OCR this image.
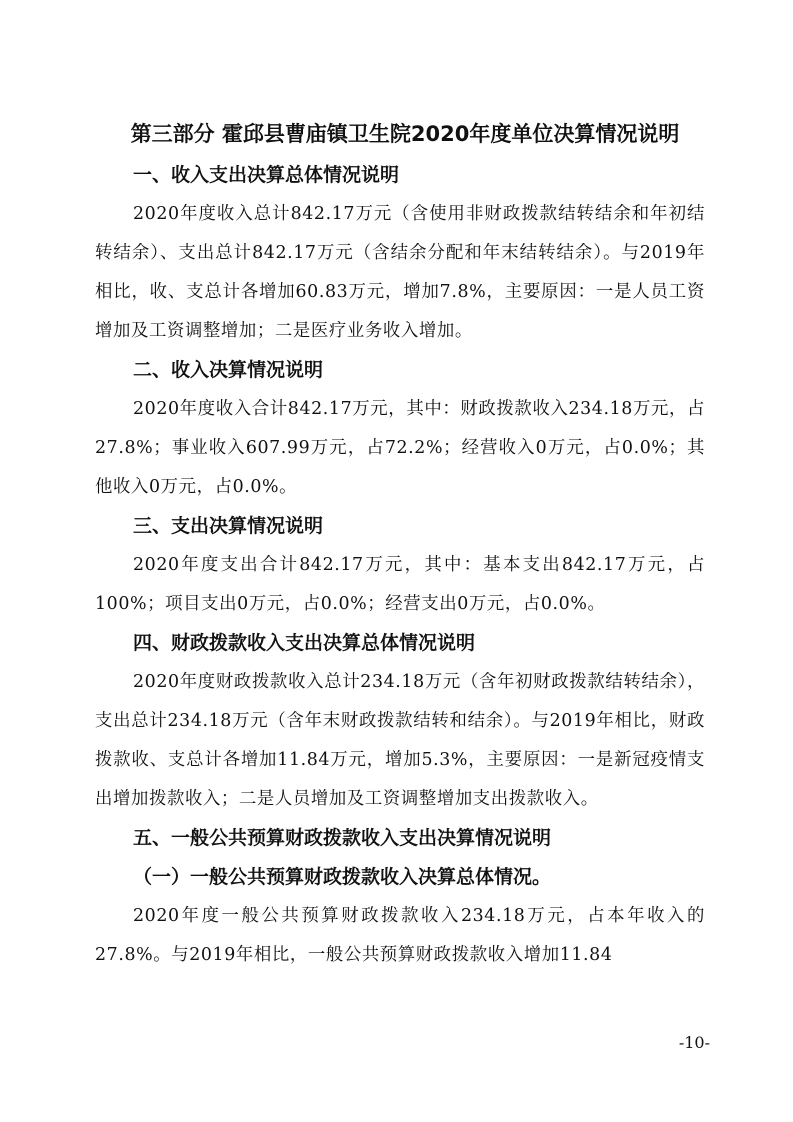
第三部分 霍邱县曹庙镇卫生院2020年度单位决算情况说明

一、收入支出决算总体情况说明

2020年度收入总计842.17万元（含使用非财政拨款结转结余和年初结转结余）、支出总计842.17万元（含结余分配和年末结转结余）。与2019年相比，收、支总计各增加60.83万元，增加7.8%，主要原因：一是人员工资增加及工资调整增加；二是医疗业务收入增加。

二、收入决算情况说明

2020年度收入合计842.17万元，其中：财政拨款收入234.18万元，占27.8%；事业收入607.99万元，占72.2%；经营收入0万元，占0.0%；其他收入0万元，占0.0%。

三、支出决算情况说明

2020年度支出合计842.17万元，其中：基本支出842.17万元，占100%；项目支出0万元，占0.0%；经营支出0万元，占0.0%。

四、财政拨款收入支出决算总体情况说明

2020年度财政拨款收入总计234.18万元（含年初财政拨款结转结余），支出总计234.18万元（含年末财政拨款结转和结余）。与2019年相比，财政拨款收、支总计各增加11.84万元，增加5.3%，主要原因：一是新冠疫情支出增加拨款收入；二是人员增加及工资调整增加支出拨款收入。

五、一般公共预算财政拨款收入支出决算情况说明

（一）一般公共预算财政拨款收入决算总体情况。

2020年度一般公共预算财政拨款收入234.18万元，占本年收入的27.8%。与2019年相比，一般公共预算财政拨款收入增加11.84

-10-
